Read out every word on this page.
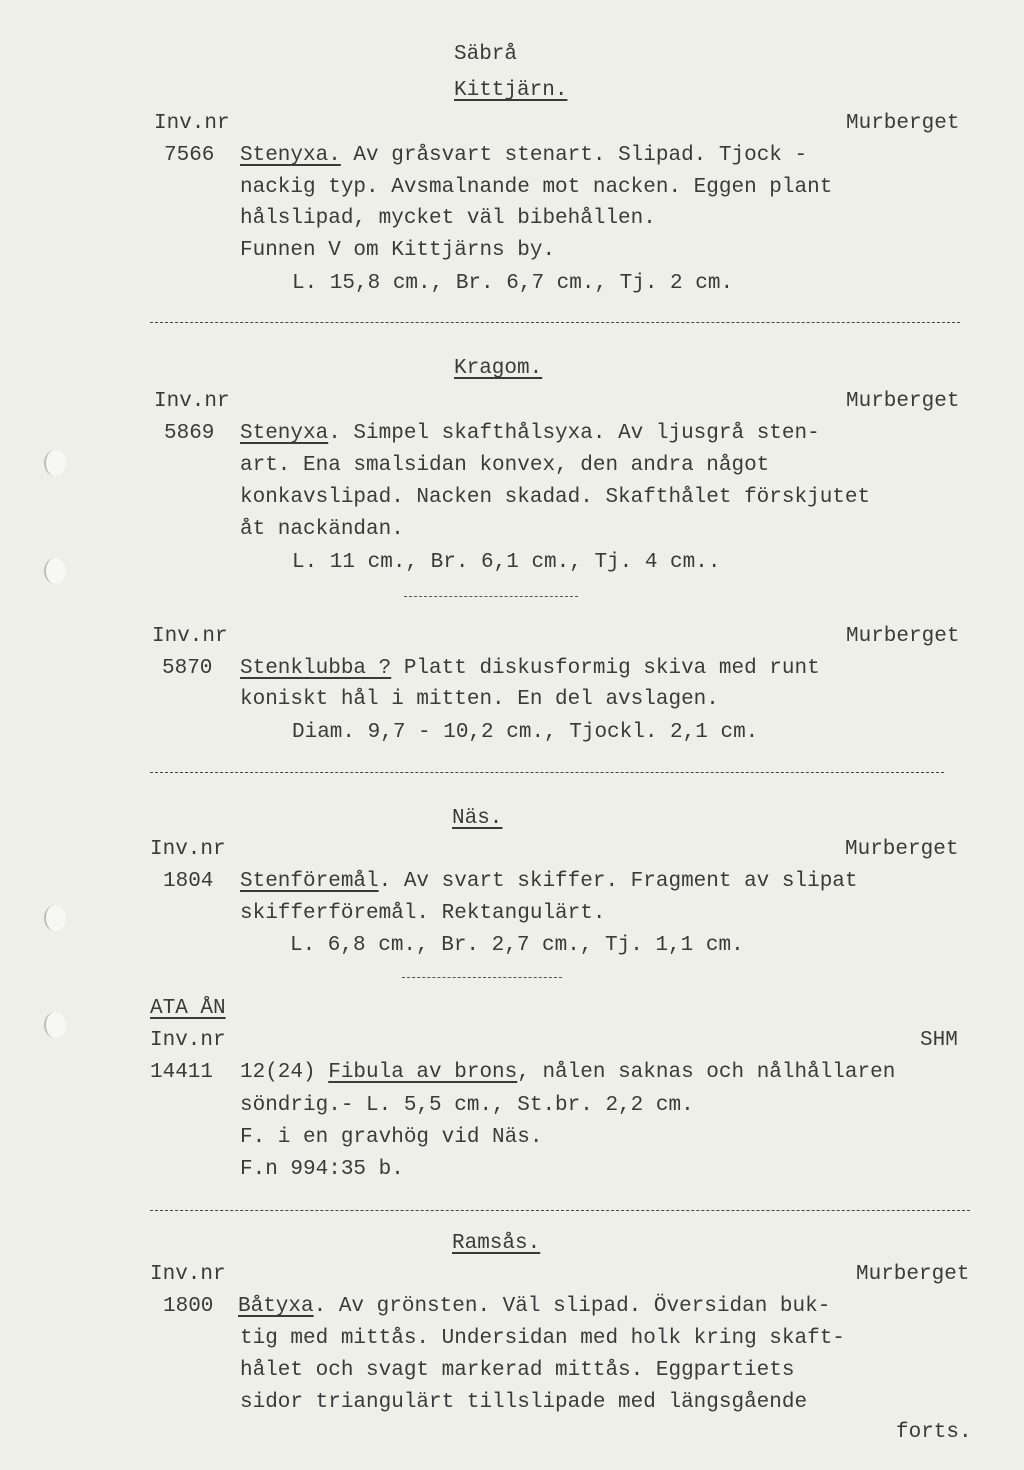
Säbrå
Kittjärn.
Inv.nr	Murberget
7566 Stenyxa. Av gråsvart stenart. Slipad. Tjock -
nackig typ. Avsmalnande mot nacken. Eggen plant
hålslipad, mycket väl bibehållen.
Funnen V om Kittjärns by.
L. 15,8 cm., Br. 6,7 cm., Tj. 2 cm.
Kragom.
Inv.nr	Murberget
5869 Stenyxa. Simpel skafthålsyxa. Av ljusgrå sten-
art. Ena smalsidan konvex, den andra något
konkavslipad. Nacken skadad. Skafthålet förskjutet
åt nackändan.
L. 11 cm., Br. 6,1 cm., Tj. 4 cm..
Inv.nr	Murberget
5870 Stenklubba ? Platt diskusformig skiva med runt
koniskt hål i mitten. En del avslagen.
Diam. 9,7 - 10,2 cm., Tjockl. 2,1 cm.
Näs.
Inv.nr	Murberget
1804 Stenföremål. Av svart skiffer. Fragment av slipat
skifferföremål. Rektangulärt.
L. 6,8 cm., Br. 2,7 cm., Tj. 1,1 cm.
ATA ÅN
Inv.nr	SHM
14411 12(24) Fibula av brons, nålen saknas och nålhållaren
söndrig.- L. 5,5 cm., St.br. 2,2 cm.
F. i en gravhög vid Näs.
F.n 994:35 b.
Ramsås.
Inv.nr	Murberget
1800 Båtyxa. Av grönsten. Väl slipad. Översidan buk-
tig med mittås. Undersidan med holk kring skaft-
hålet och svagt markerad mittås. Eggpartiets
sidor triangulärt tillslipade med längsgående
forts.
